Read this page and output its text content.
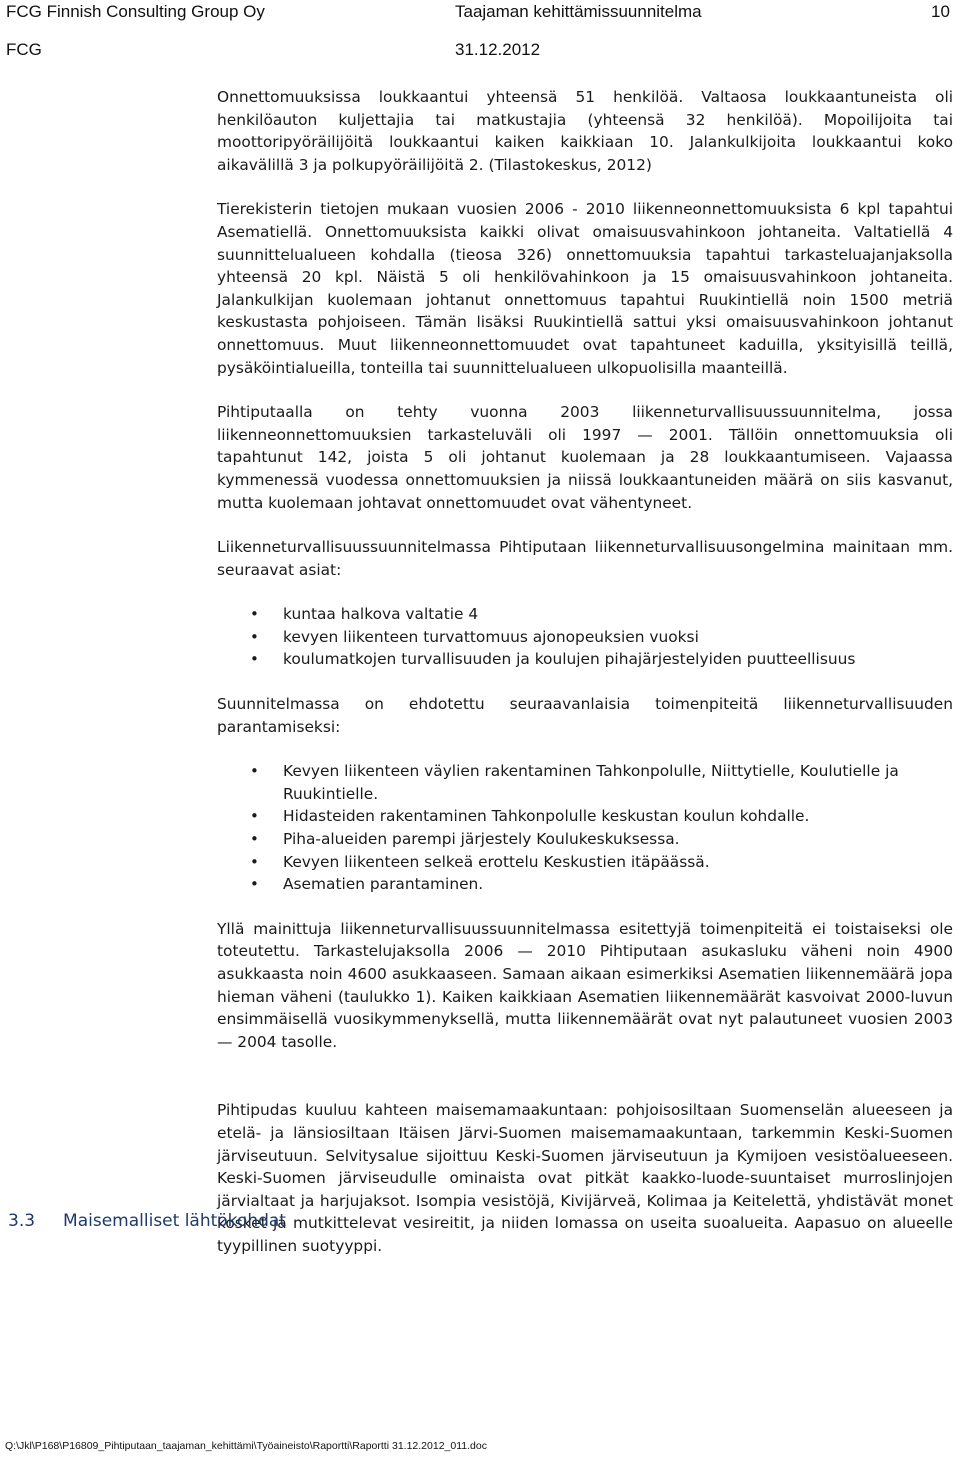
FCG Finnish Consulting Group Oy	Taajaman kehittämissuunnitelma	10
FCG	31.12.2012

Onnettomuuksissa loukkaantui yhteensä 51 henkilöä. Valtaosa loukkaantuneista oli henkilöauton kuljettajia tai matkustajia (yhteensä 32 henkilöä). Mopoilijoita tai moottoripyöräilijöitä loukkaantui kaiken kaikkiaan 10. Jalankulkijoita loukkaantui koko aikavälillä 3 ja polkupyöräilijöitä 2. (Tilastokeskus, 2012)

Tierekisterin tietojen mukaan vuosien 2006 - 2010 liikenneonnettomuuksista 6 kpl tapahtui Asematiellä. Onnettomuuksista kaikki olivat omaisuusvahinkoon johtaneita. Valtatiellä 4 suunnittelualueen kohdalla (tieosa 326) onnettomuuksia tapahtui tarkasteluajanjaksolla yhteensä 20 kpl. Näistä 5 oli henkilövahinkoon ja 15 omaisuusvahinkoon johtaneita. Jalankulkijan kuolemaan johtanut onnettomuus tapahtui Ruukintiellä noin 1500 metriä keskustasta pohjoiseen. Tämän lisäksi Ruukintiellä sattui yksi omaisuusvahinkoon johtanut onnettomuus. Muut liikenneonnettomuudet ovat tapahtuneet kaduilla, yksityisillä teillä, pysäköintialueilla, tonteilla tai suunnittelualueen ulkopuolisilla maanteillä.

Pihtiputaalla on tehty vuonna 2003 liikenneturvallisuussuunnitelma, jossa liikenneonnettomuuksien tarkasteluväli oli 1997 — 2001. Tällöin onnettomuuksia oli tapahtunut 142, joista 5 oli johtanut kuolemaan ja 28 loukkaantumiseen. Vajaassa kymmenessä vuodessa onnettomuuksien ja niissä loukkaantuneiden määrä on siis kasvanut, mutta kuolemaan johtavat onnettomuudet ovat vähentyneet.

Liikenneturvallisuussuunnitelmassa Pihtiputaan liikenneturvallisuusongelmina mainitaan mm. seuraavat asiat:

• kuntaa halkova valtatie 4
• kevyen liikenteen turvattomuus ajonopeuksien vuoksi
• koulumatkojen turvallisuuden ja koulujen pihajärjestelyiden puutteellisuus

Suunnitelmassa on ehdotettu seuraavanlaisia toimenpiteitä liikenneturvallisuuden parantamiseksi:

• Kevyen liikenteen väylien rakentaminen Tahkonpolulle, Niittytielle, Koulutielle ja Ruukintielle.
• Hidasteiden rakentaminen Tahkonpolulle keskustan koulun kohdalle.
• Piha-alueiden parempi järjestely Koulukeskuksessa.
• Kevyen liikenteen selkeä erottelu Keskustien itäpäässä.
• Asematien parantaminen.

Yllä mainittuja liikenneturvallisuussuunnitelmassa esitettyjä toimenpiteitä ei toistaiseksi ole toteutettu. Tarkastelujaksolla 2006 — 2010 Pihtiputaan asukasluku väheni noin 4900 asukkaasta noin 4600 asukkaaseen. Samaan aikaan esimerkiksi Asematien liikennemäärä jopa hieman väheni (taulukko 1). Kaiken kaikkiaan Asematien liikennemäärät kasvoivat 2000-luvun ensimmäisellä vuosikymmenyksellä, mutta liikennemäärät ovat nyt palautuneet vuosien 2003 — 2004 tasolle.

Pihtipudas kuuluu kahteen maisemamaakuntaan: pohjoisosiltaan Suomenselän alueeseen ja etelä- ja länsiosiltaan Itäisen Järvi-Suomen maisemamaakuntaan, tarkemmin Keski-Suomen järviseutuun. Selvitysalue sijoittuu Keski-Suomen järviseutuun ja Kymijoen vesistöalueeseen. Keski-Suomen järviseudulle ominaista ovat pitkät kaakko-luode-suuntaiset murroslinjojen järvialtaat ja harjujaksot. Isompia vesistöjä, Kivijärveä, Kolimaa ja Keitelettä, yhdistävät monet kosket ja mutkittelevat vesireitit, ja niiden lomassa on useita suoalueita. Aapasuo on alueelle tyypillinen suotyyppi.

3.3 Maisemalliset lähtökohdat
Q:\Jkl\P168\P16809_Pihtiputaan_taajaman_kehittämi\Työaineisto\Raportti\Raportti 31.12.2012_011.doc
